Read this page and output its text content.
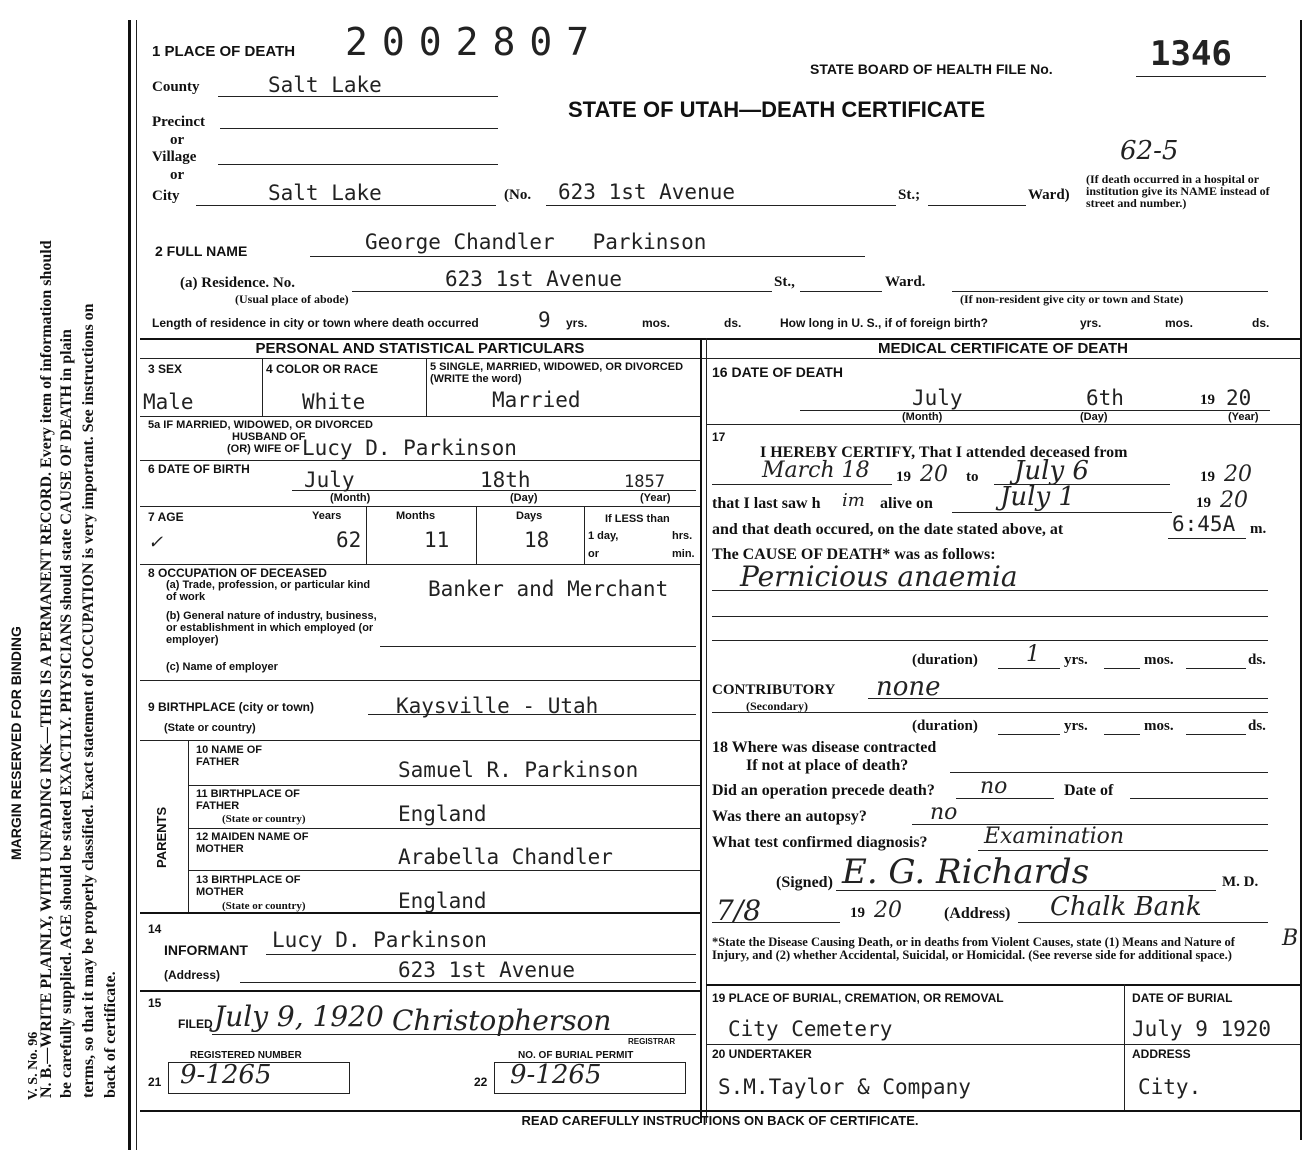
MARGIN RESERVED FOR BINDING
V. S. No. 96
N. B.—WRITE PLAINLY, WITH UNFADING INK—THIS IS A PERMANENT RECORD. Every item of information should be carefully supplied. AGE should be stated EXACTLY. PHYSICIANS should state CAUSE OF DEATH in plain terms, so that it may be properly classified. Exact statement of OCCUPATION is very important. See instructions on back of certificate.
1 PLACE OF DEATH 2002807
STATE BOARD OF HEALTH FILE No.	1346
STATE OF UTAH—DEATH CERTIFICATE
62-5
County	Salt Lake
Precinct
or
Village
or
City	Salt Lake	(No. 623 1st Avenue	St.;	Ward)
(If death occurred in a hospital or institution give its NAME instead of street and number.)
2 FULL NAME	George Chandler   Parkinson
(a) Residence. No.	623 1st Avenue	St.,	Ward.
(Usual place of abode)	(If non-resident give city or town and State)
Length of residence in city or town where death occurred	9 yrs.	mos.	ds.	How long in U. S., if of foreign birth?	yrs.	mos.	ds.
PERSONAL AND STATISTICAL PARTICULARS	MEDICAL CERTIFICATE OF DEATH
3 SEX	4 COLOR OR RACE	5 SINGLE, MARRIED, WIDOWED, OR DIVORCED (WRITE the word)
Male	White	Married
5a IF MARRIED, WIDOWED, OR DIVORCED
HUSBAND OF
(OR) WIFE OF Lucy D. Parkinson
6 DATE OF BIRTH	July	18th	1857
(Month)	(Day)	(Year)
7 AGE
✓
Years	Months	Days
62	11	18
If LESS than
1 day,	hrs.
or	min.
8 OCCUPATION OF DECEASED
(a) Trade, profession, or particular kind of work	Banker and Merchant
(b) General nature of industry, business, or establishment in which employed (or employer)
(c) Name of employer
9 BIRTHPLACE (city or town)
(State or country)
Kaysville - Utah
PARENTS
10 NAME OF FATHER	Samuel R. Parkinson
11 BIRTHPLACE OF FATHER
(State or country)	England
12 MAIDEN NAME OF MOTHER	Arabella Chandler
13 BIRTHPLACE OF MOTHER
(State or country)	England
14
INFORMANT Lucy D. Parkinson
(Address)	623 1st Avenue
15
FILED July 9, 1920 Christopherson
REGISTRAR
REGISTERED NUMBER	NO. OF BURIAL PERMIT
21 9-1265	22 9-1265
16 DATE OF DEATH
July	6th	19 20
(Month)	(Day)	(Year)
17
I HEREBY CERTIFY, That I attended deceased from
March 18 19 20 to July 6	19 20
that I last saw h im alive on	July 1	19 20
and that death occured, on the date stated above, at	6:45A m.
The CAUSE OF DEATH* was as follows:
Pernicious anaemia
(duration) 1 yrs.	mos.	ds.
CONTRIBUTORY
(Secondary)
none
(duration)	yrs.	mos.	ds.
18 Where was disease contracted
If not at place of death?
Did an operation precede death? no	Date of
Was there an autopsy?	no
What test confirmed diagnosis?	Examination
(Signed) E. G. Richards	M. D.
7/8	19 20	(Address) Chalk Bank
B
*State the Disease Causing Death, or in deaths from Violent Causes, state (1) Means and Nature of Injury, and (2) whether Accidental, Suicidal, or Homicidal. (See reverse side for additional space.)
19 PLACE OF BURIAL, CREMATION, OR REMOVAL
City Cemetery
DATE OF BURIAL
July 9 1920
20 UNDERTAKER
S.M.Taylor & Company
ADDRESS
City.
READ CAREFULLY INSTRUCTIONS ON BACK OF CERTIFICATE.
